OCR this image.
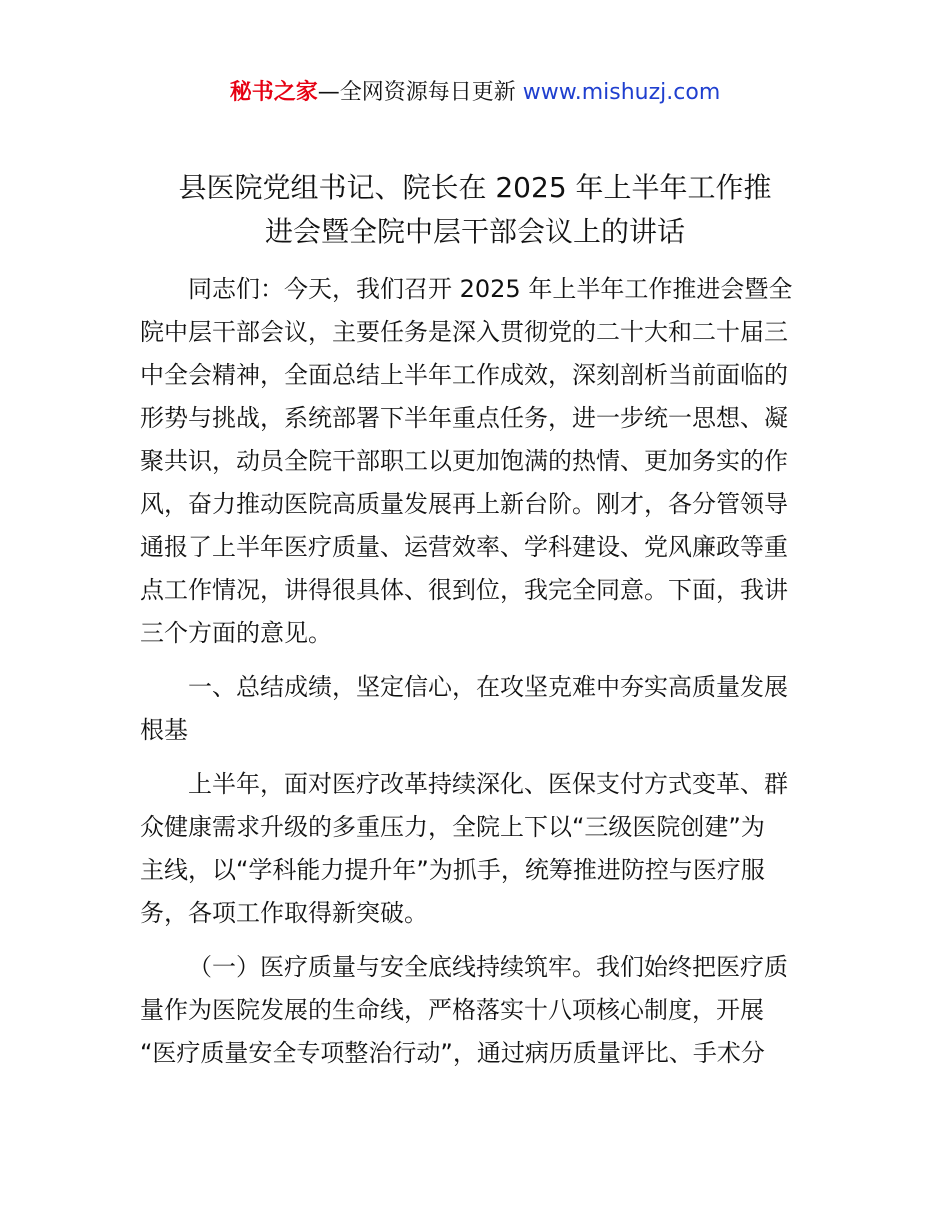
秘书之家—全网资源每日更新 www.mishuzj.com
县医院党组书记、院长在 2025 年上半年工作推
进会暨全院中层干部会议上的讲话

同志们：今天，我们召开 2025 年上半年工作推进会暨全
院中层干部会议，主要任务是深入贯彻党的二十大和二十届三
中全会精神，全面总结上半年工作成效，深刻剖析当前面临的
形势与挑战，系统部署下半年重点任务，进一步统一思想、凝
聚共识，动员全院干部职工以更加饱满的热情、更加务实的作
风，奋力推动医院高质量发展再上新台阶。刚才，各分管领导
通报了上半年医疗质量、运营效率、学科建设、党风廉政等重
点工作情况，讲得很具体、很到位，我完全同意。下面，我讲
三个方面的意见。

一、总结成绩，坚定信心，在攻坚克难中夯实高质量发展
根基

上半年，面对医疗改革持续深化、医保支付方式变革、群
众健康需求升级的多重压力，全院上下以“三级医院创建”为
主线，以“学科能力提升年”为抓手，统筹推进防控与医疗服
务，各项工作取得新突破。

（一）医疗质量与安全底线持续筑牢。我们始终把医疗质
量作为医院发展的生命线，严格落实十八项核心制度，开展
“医疗质量安全专项整治行动”，通过病历质量评比、手术分
